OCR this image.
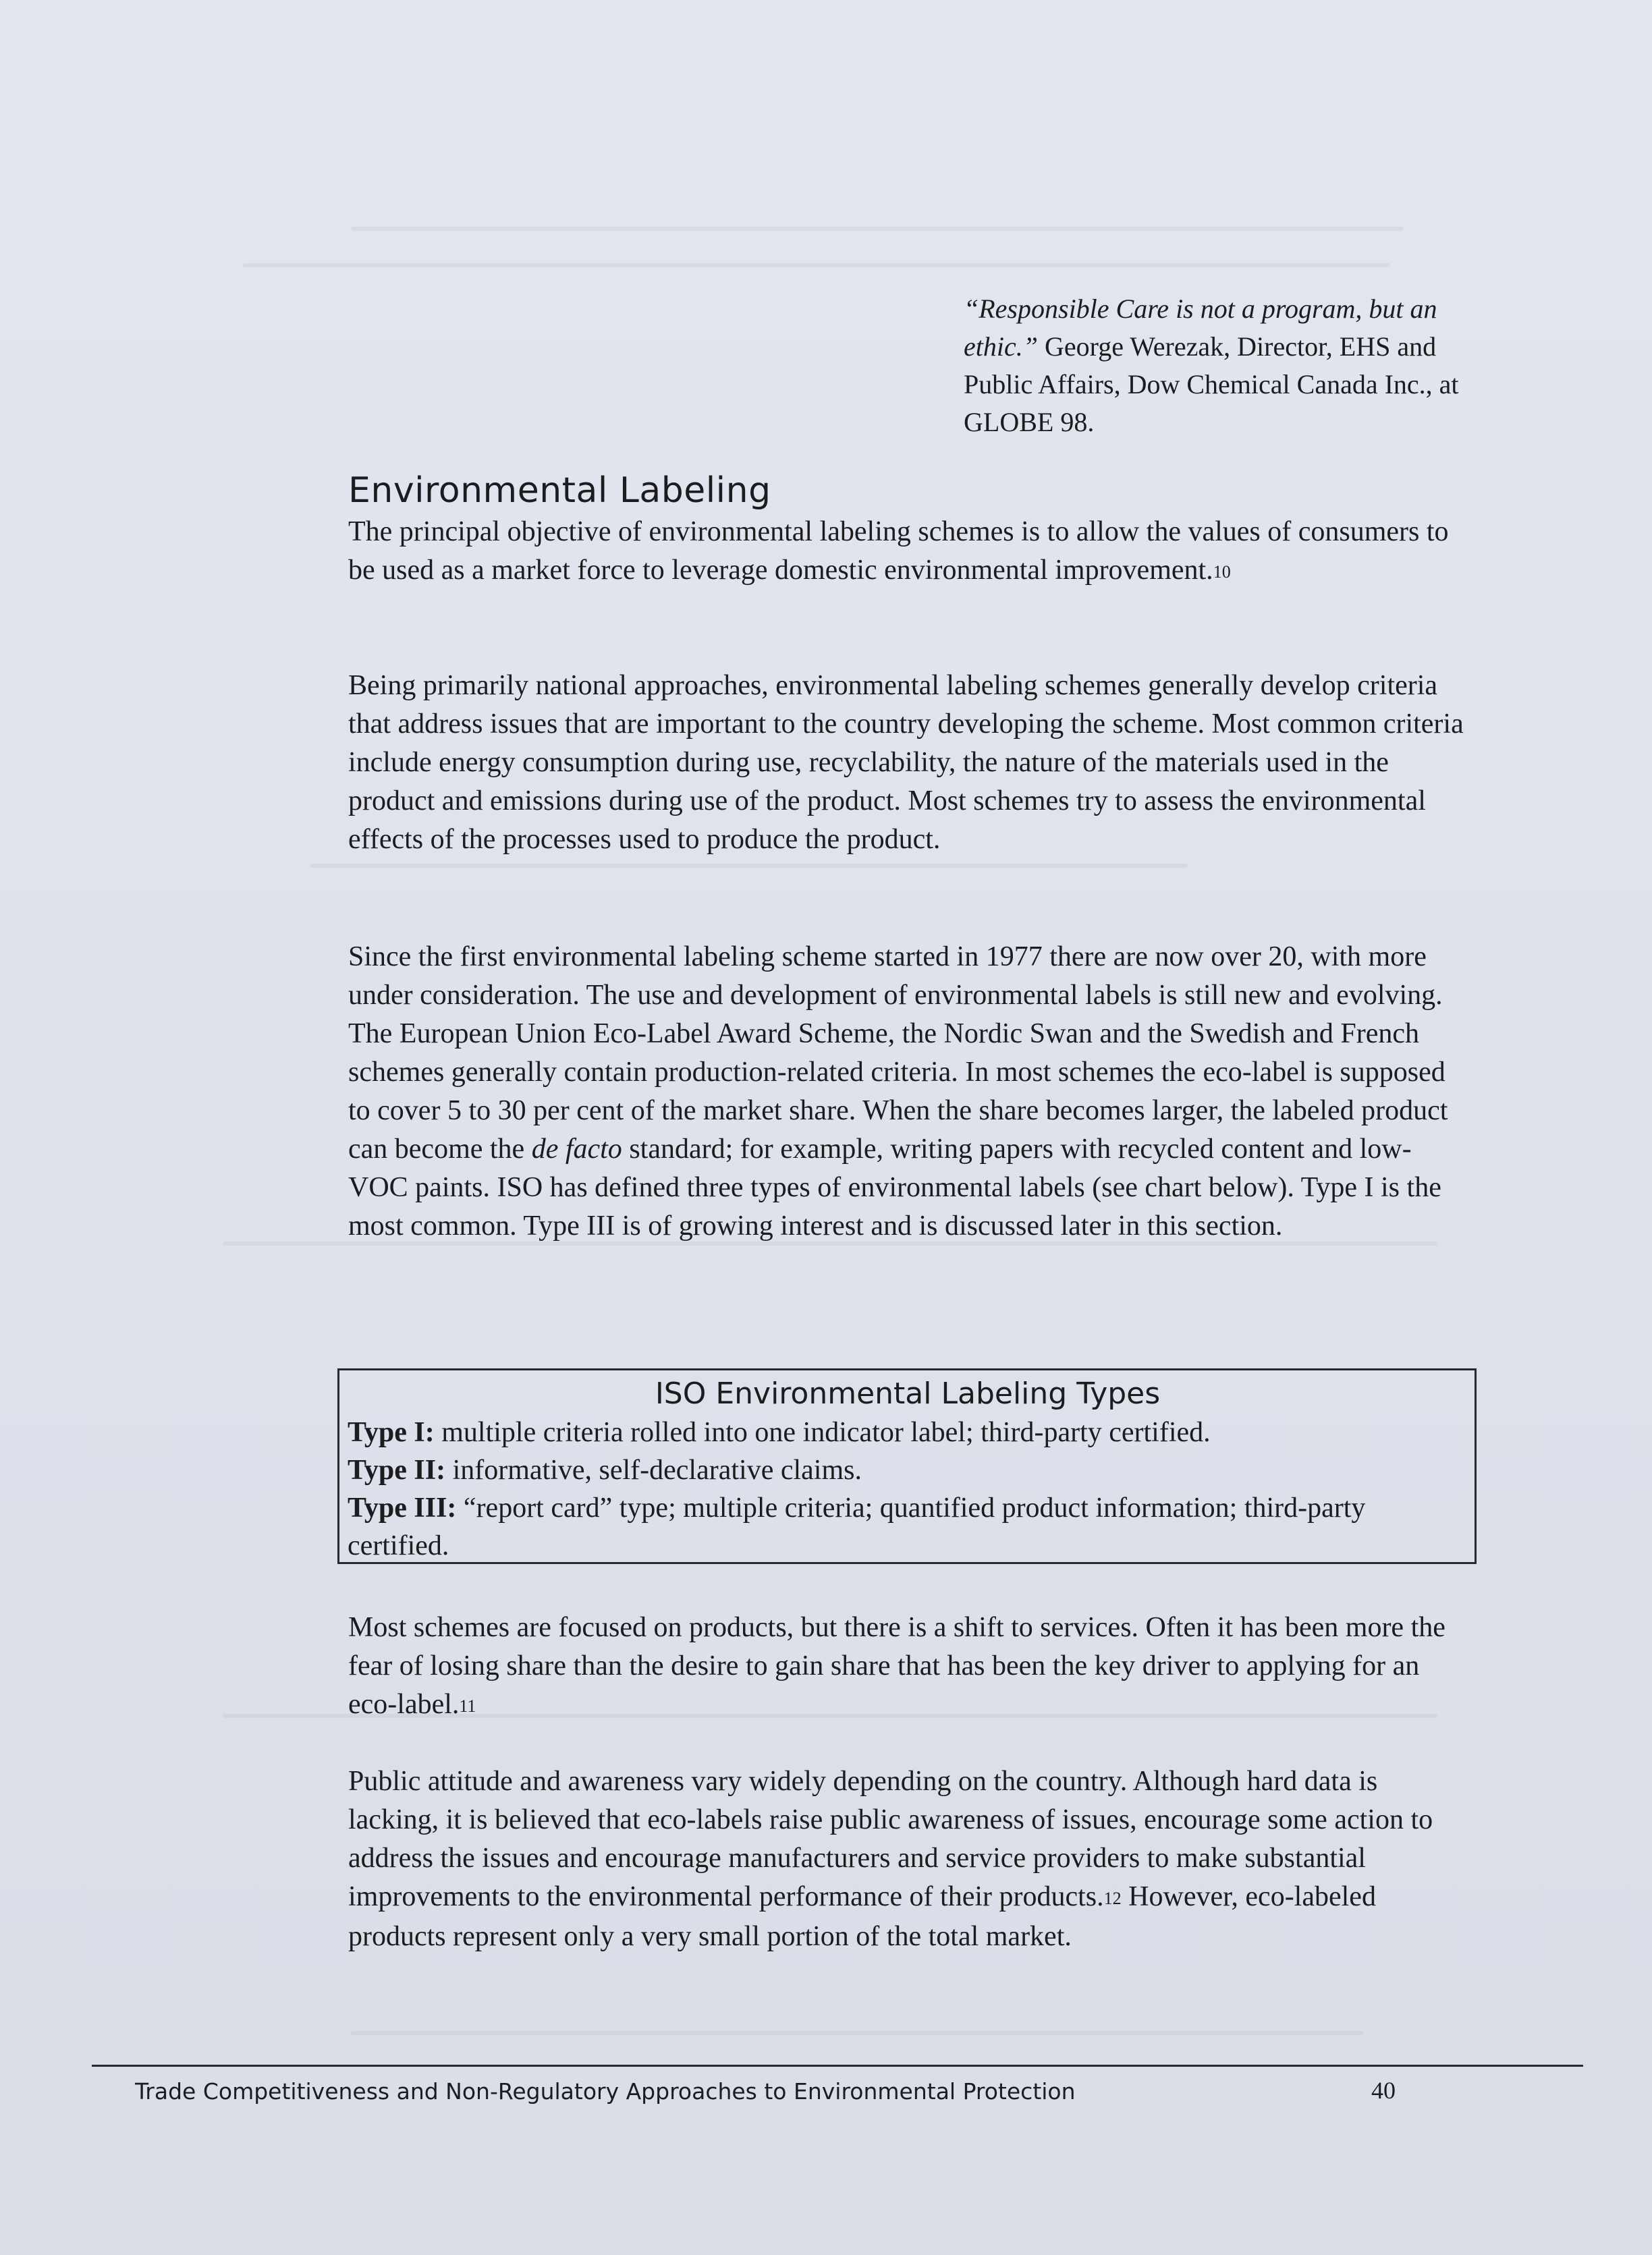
“Responsible Care is not a program, but an ethic.” George Werezak, Director, EHS and Public Affairs, Dow Chemical Canada Inc., at GLOBE 98.
Environmental Labeling

The principal objective of environmental labeling schemes is to allow the values of consumers to be used as a market force to leverage domestic environmental improvement.$^{10}$

Being primarily national approaches, environmental labeling schemes generally develop criteria that address issues that are important to the country developing the scheme. Most common criteria include energy consumption during use, recyclability, the nature of the materials used in the product and emissions during use of the product. Most schemes try to assess the environmental effects of the processes used to produce the product.

Since the first environmental labeling scheme started in 1977 there are now over 20, with more under consideration. The use and development of environmental labels is still new and evolving. The European Union Eco-Label Award Scheme, the Nordic Swan and the Swedish and French schemes generally contain production-related criteria. In most schemes the eco-label is supposed to cover 5 to 30 per cent of the market share. When the share becomes larger, the labeled product can become the de facto standard; for example, writing papers with recycled content and low-VOC paints. ISO has defined three types of environmental labels (see chart below). Type I is the most common. Type III is of growing interest and is discussed later in this section.

ISO Environmental Labeling Types
Type I: multiple criteria rolled into one indicator label; third-party certified.
Type II: informative, self-declarative claims.
Type III: “report card” type; multiple criteria; quantified product information; third-party certified.

Most schemes are focused on products, but there is a shift to services. Often it has been more the fear of losing share than the desire to gain share that has been the key driver to applying for an eco-label.$^{11}$

Public attitude and awareness vary widely depending on the country. Although hard data is lacking, it is believed that eco-labels raise public awareness of issues, encourage some action to address the issues and encourage manufacturers and service providers to make substantial improvements to the environmental performance of their products.$^{12}$ However, eco-labeled products represent only a very small portion of the total market.

Trade Competitiveness and Non-Regulatory Approaches to Environmental Protection	40
